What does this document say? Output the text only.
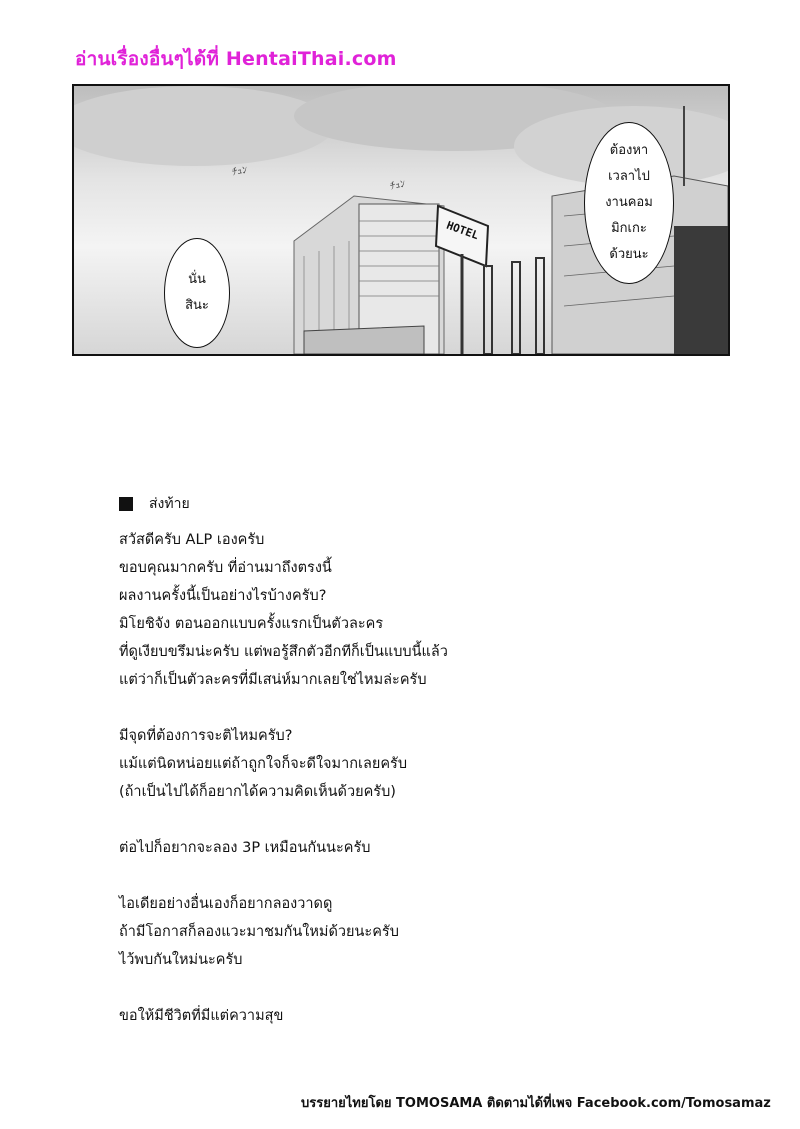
อ่านเรื่องอื่นๆได้ที่ HentaiThai.com
ﾁｭﾝ
ﾁｭﾝ
HOTEL
นั่น
สินะ
ต้องหา
เวลาไป
งานคอม
มิกเกะ
ด้วยนะ
ส่งท้าย
สวัสดีครับ ALP เองครับ
ขอบคุณมากครับ ที่อ่านมาถึงตรงนี้
ผลงานครั้งนี้เป็นอย่างไรบ้างครับ?
มิโยชิจัง ตอนออกแบบครั้งแรกเป็นตัวละคร
ที่ดูเงียบขรึมน่ะครับ แต่พอรู้สึกตัวอีกทีก็เป็นแบบนี้แล้ว
แต่ว่าก็เป็นตัวละครที่มีเสน่ห์มากเลยใช่ไหมล่ะครับ
มีจุดที่ต้องการจะติไหมครับ?
แม้แต่นิดหน่อยแต่ถ้าถูกใจก็จะดีใจมากเลยครับ
(ถ้าเป็นไปได้ก็อยากได้ความคิดเห็นด้วยครับ)
ต่อไปก็อยากจะลอง 3P เหมือนกันนะครับ
ไอเดียอย่างอื่นเองก็อยากลองวาดดู
ถ้ามีโอกาสก็ลองแวะมาชมกันใหม่ด้วยนะครับ
ไว้พบกันใหม่นะครับ
ขอให้มีชีวิตที่มีแต่ความสุข
บรรยายไทยโดย TOMOSAMA ติดตามได้ที่เพจ Facebook.com/Tomosamaz
